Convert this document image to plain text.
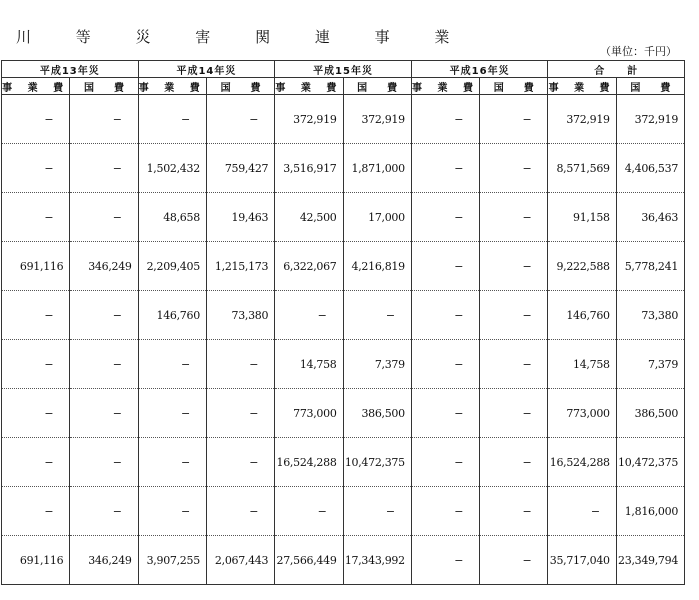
川 等 災 害 関 連 事 業
（単位：千円）
平成13年災		平成14年災		平成15年災		平成16年災		合　　計	
事 業 費	国　　費	事 業 費	国　　費	事 業 費	国　　費	事 業 費	国　　費	事 業 費	国　　費
−	−	−	−	372,919	372,919	−	−	372,919	372,919
−	−	1,502,432	759,427	3,516,917	1,871,000	−	−	8,571,569	4,406,537
−	−	48,658	19,463	42,500	17,000	−	−	91,158	36,463
691,116	346,249	2,209,405	1,215,173	6,322,067	4,216,819	−	−	9,222,588	5,778,241
−	−	146,760	73,380	−	−	−	−	146,760	73,380
−	−	−	−	14,758	7,379	−	−	14,758	7,379
−	−	−	−	773,000	386,500	−	−	773,000	386,500
−	−	−	−	16,524,288	10,472,375	−	−	16,524,288	10,472,375
−	−	−	−	−	−	−	−	−	1,816,000
691,116	346,249	3,907,255	2,067,443	27,566,449	17,343,992	−	−	35,717,040	23,349,794
